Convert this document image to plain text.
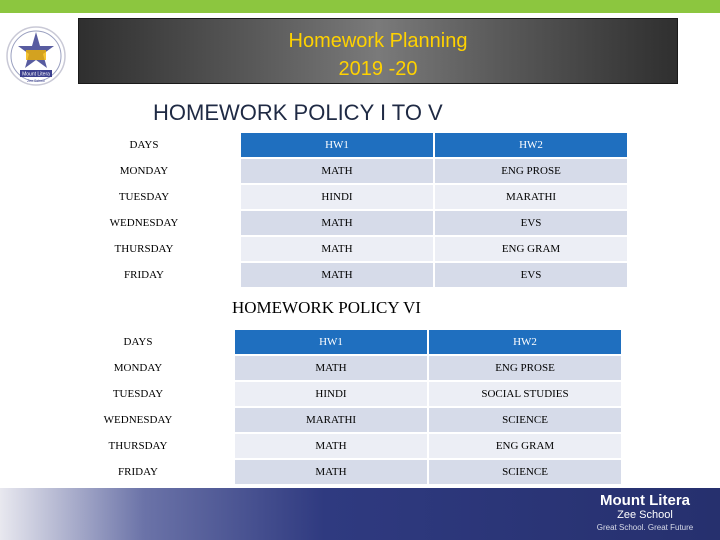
Mount Litera
Zee School
Homework Planning
2019 -20
HOMEWORK POLICY I TO V
DAYS	HW1	HW2
MONDAY	MATH	ENG PROSE
TUESDAY	HINDI	MARATHI
WEDNESDAY	MATH	EVS
THURSDAY	MATH	ENG GRAM
FRIDAY	MATH	EVS
HOMEWORK POLICY VI
DAYS	HW1	HW2
MONDAY	MATH	ENG PROSE
TUESDAY	HINDI	SOCIAL STUDIES
WEDNESDAY	MARATHI	SCIENCE
THURSDAY	MATH	ENG GRAM
FRIDAY	MATH	SCIENCE
Mount Litera
Zee School
Great School. Great Future
